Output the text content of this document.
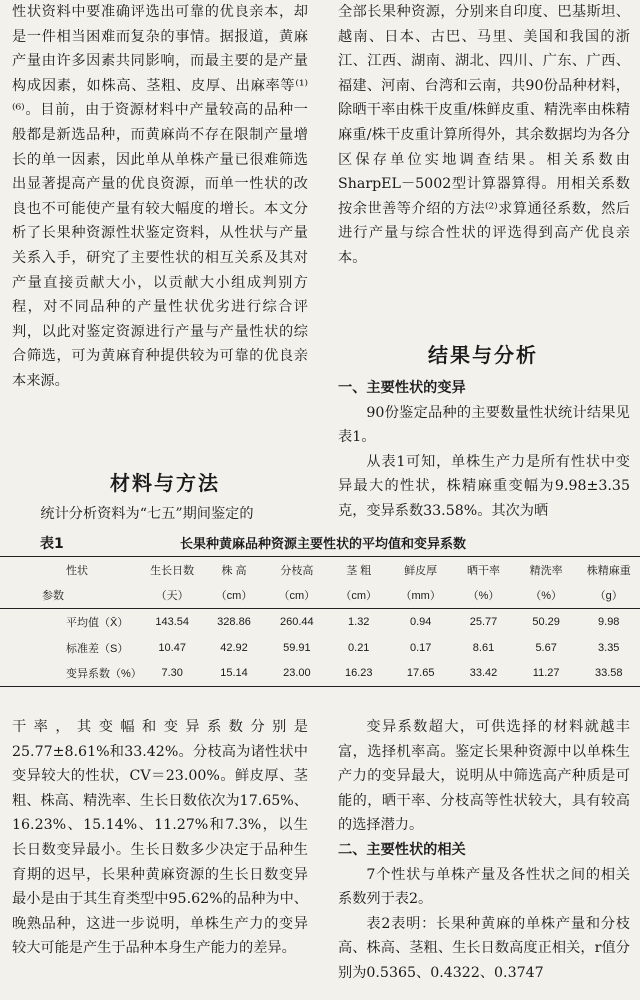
性状资料中要准确评选出可靠的优良亲本，却是一件相当困难而复杂的事情。据报道，黄麻产量由许多因素共同影响，而最主要的是产量构成因素，如株高、茎粗、皮厚、出麻率等⁽¹⁾⁽⁶⁾。目前，由于资源材料中产量较高的品种一般都是新选品种，而黄麻尚不存在限制产量增长的单一因素，因此单从单株产量已很难筛选出显著提高产量的优良资源，而单一性状的改良也不可能使产量有较大幅度的增长。本文分析了长果种资源性状鉴定资料，从性状与产量关系入手，研究了主要性状的相互关系及其对产量直接贡献大小，以贡献大小组成判别方程，对不同品种的产量性状优劣进行综合评判，以此对鉴定资源进行产量与产量性状的综合筛选，可为黄麻育种提供较为可靠的优良亲本来源。

材料与方法

统计分析资料为“七五”期间鉴定的

全部长果种资源，分别来自印度、巴基斯坦、越南、日本、古巴、马里、美国和我国的浙江、江西、湖南、湖北、四川、广东、广西、福建、河南、台湾和云南，共90份品种材料，除晒干率由株干皮重/株鲜皮重、精洗率由株精麻重/株干皮重计算所得外，其余数据均为各分区保存单位实地调查结果。相关系数由SharpEL－5002型计算器算得。用相关系数按余世善等介绍的方法⁽²⁾求算通径系数，然后进行产量与综合性状的评选得到高产优良亲本。

结果与分析

一、主要性状的变异

90份鉴定品种的主要数量性状统计结果见表1。

从表1可知，单株生产力是所有性状中变异最大的性状，株精麻重变幅为9.98±3.35克，变异系数33.58%。其次为晒

表1	长果种黄麻品种资源主要性状的平均值和变异系数
性状	生长日数	株 高	分枝高	茎 粗	鲜皮厚	晒干率	精洗率	株精麻重
参数	（天）	（cm）	（cm）	（cm）	（mm）	（%）	（%）	（g）
平均值（X̄）	143.54	328.86	260.44	1.32	0.94	25.77	50.29	9.98
标准差（S）	10.47	42.92	59.91	0.21	0.17	8.61	5.67	3.35
变异系数（%）	7.30	15.14	23.00	16.23	17.65	33.42	11.27	33.58

干率，其变幅和变异系数分别是25.77±8.61%和33.42%。分枝高为诸性状中变异较大的性状，CV＝23.00%。鲜皮厚、茎粗、株高、精洗率、生长日数依次为17.65%、16.23%、15.14%、11.27%和7.3%，以生长日数变异最小。生长日数多少决定于品种生育期的迟早，长果种黄麻资源的生长日数变异最小是由于其生育类型中95.62%的品种为中、晚熟品种，这进一步说明，单株生产力的变异较大可能是产生于品种本身生产能力的差异。

变异系数超大，可供选择的材料就越丰富，选择机率高。鉴定长果种资源中以单株生产力的变异最大，说明从中筛选高产种质是可能的，晒干率、分枝高等性状较大，具有较高的选择潜力。

二、主要性状的相关

7个性状与单株产量及各性状之间的相关系数列于表2。

表2表明：长果种黄麻的单株产量和分枝高、株高、茎粗、生长日数高度正相关，r值分别为0.5365、0.4322、0.3747
